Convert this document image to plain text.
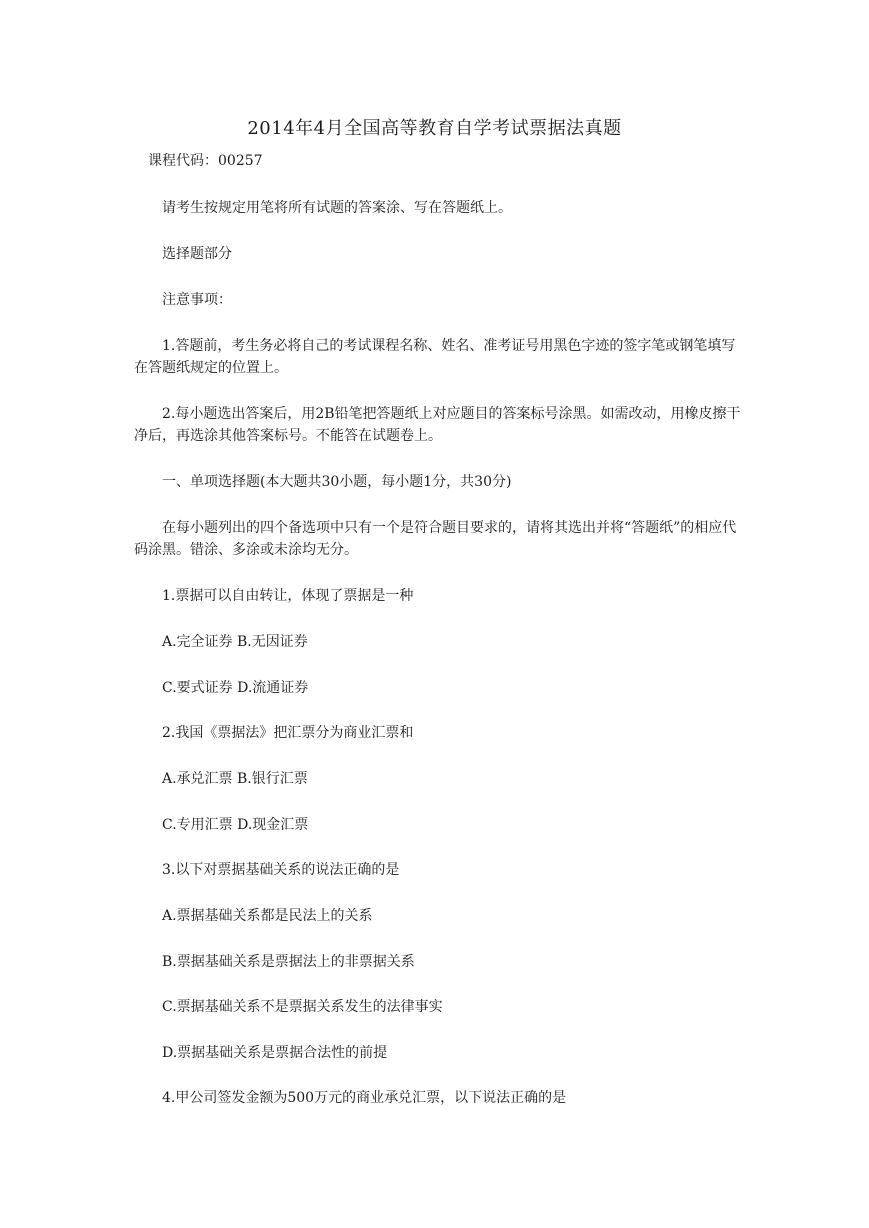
2014年4月全国高等教育自学考试票据法真题
课程代码：00257
请考生按规定用笔将所有试题的答案涂、写在答题纸上。
选择题部分
注意事项：
1.答题前，考生务必将自己的考试课程名称、姓名、准考证号用黑色字迹的签字笔或钢笔填写在答题纸规定的位置上。
2.每小题选出答案后，用2B铅笔把答题纸上对应题目的答案标号涂黑。如需改动，用橡皮擦干净后，再选涂其他答案标号。不能答在试题卷上。
一、单项选择题(本大题共30小题，每小题1分，共30分)
在每小题列出的四个备选项中只有一个是符合题目要求的，请将其选出并将“答题纸”的相应代码涂黑。错涂、多涂或未涂均无分。
1.票据可以自由转让，体现了票据是一种
A.完全证券 B.无因证券
C.要式证券 D.流通证券
2.我国《票据法》把汇票分为商业汇票和
A.承兑汇票 B.银行汇票
C.专用汇票 D.现金汇票
3.以下对票据基础关系的说法正确的是
A.票据基础关系都是民法上的关系
B.票据基础关系是票据法上的非票据关系
C.票据基础关系不是票据关系发生的法律事实
D.票据基础关系是票据合法性的前提
4.甲公司签发金额为500万元的商业承兑汇票，以下说法正确的是
